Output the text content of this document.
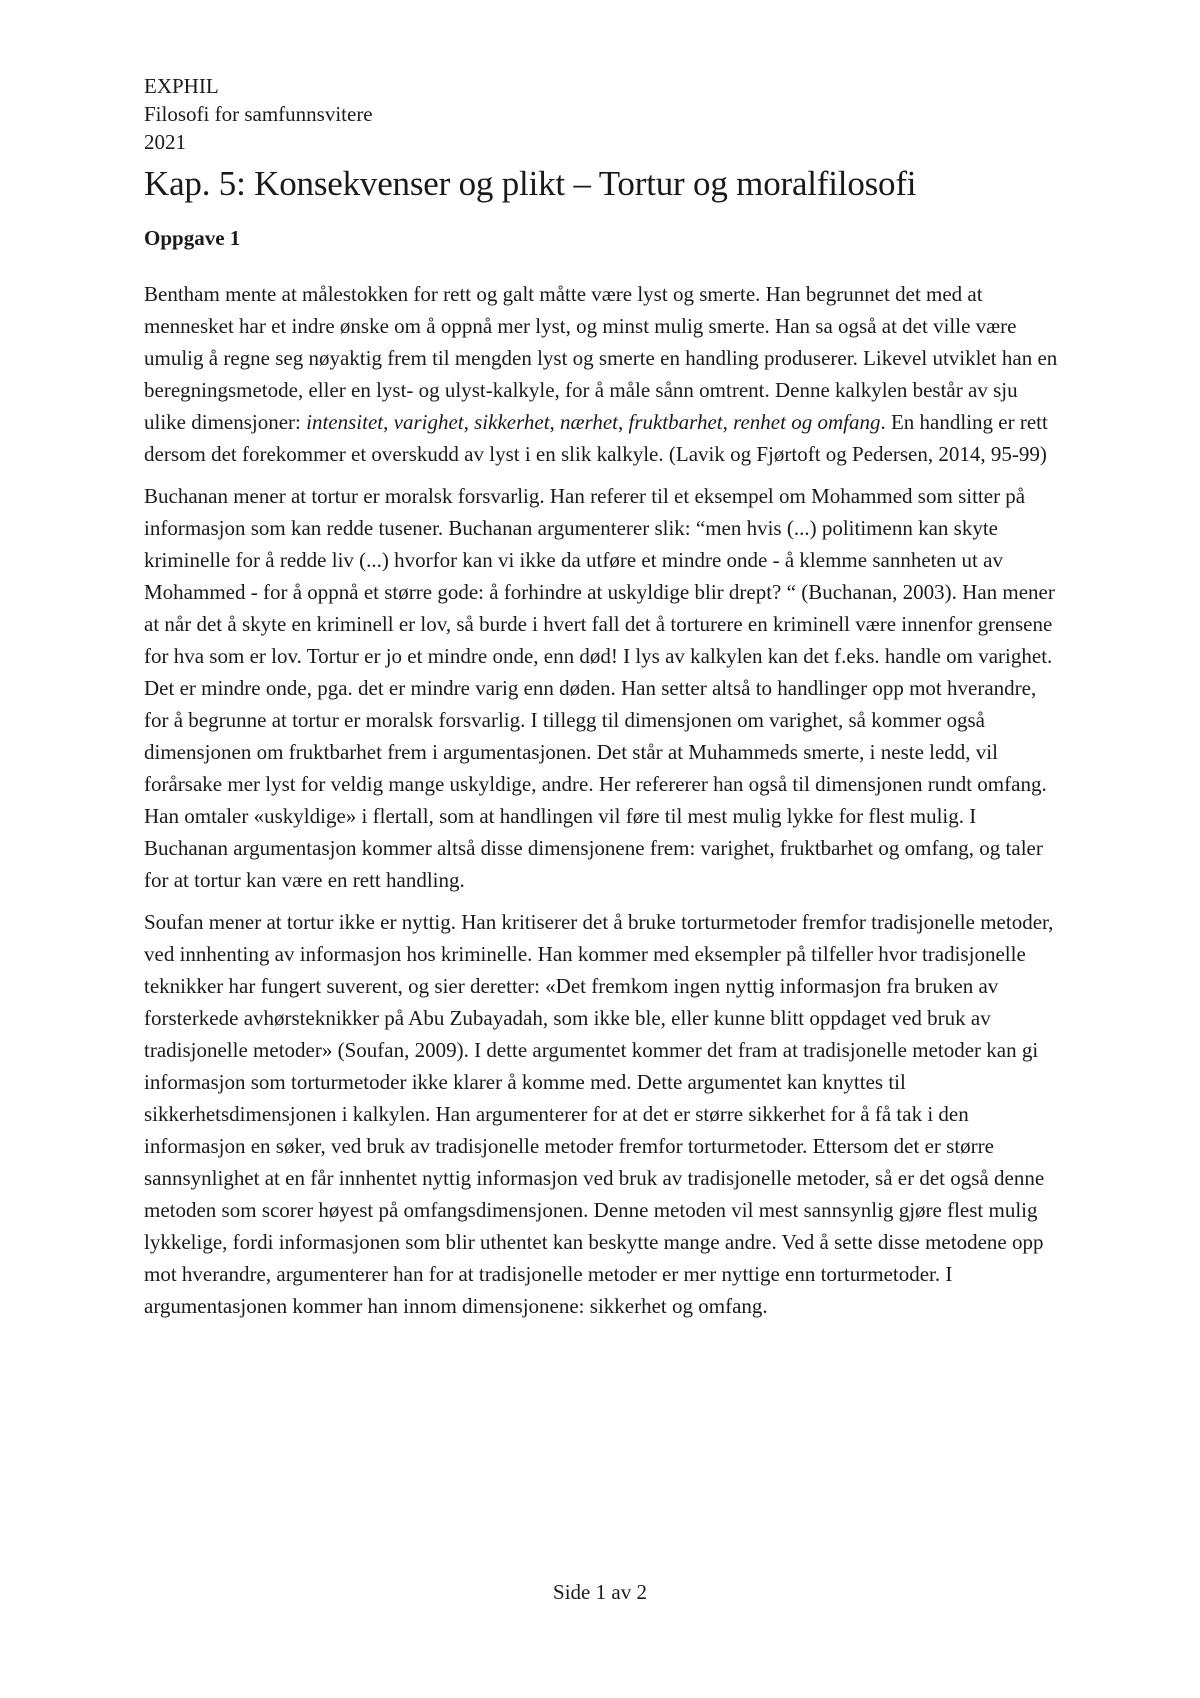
EXPHIL

Filosofi for samfunnsvitere

2021

Kap. 5: Konsekvenser og plikt – Tortur og moralfilosofi
Oppgave 1

Bentham mente at målestokken for rett og galt måtte være lyst og smerte. Han begrunnet det med at mennesket har et indre ønske om å oppnå mer lyst, og minst mulig smerte. Han sa også at det ville være umulig å regne seg nøyaktig frem til mengden lyst og smerte en handling produserer. Likevel utviklet han en beregningsmetode, eller en lyst- og ulyst-kalkyle, for å måle sånn omtrent. Denne kalkylen består av sju ulike dimensjoner: intensitet, varighet, sikkerhet, nærhet, fruktbarhet, renhet og omfang. En handling er rett dersom det forekommer et overskudd av lyst i en slik kalkyle. (Lavik og Fjørtoft og Pedersen, 2014, 95-99)

Buchanan mener at tortur er moralsk forsvarlig. Han referer til et eksempel om Mohammed som sitter på informasjon som kan redde tusener. Buchanan argumenterer slik: “men hvis (...) politimenn kan skyte kriminelle for å redde liv (...) hvorfor kan vi ikke da utføre et mindre onde - å klemme sannheten ut av Mohammed - for å oppnå et større gode: å forhindre at uskyldige blir drept? “ (Buchanan, 2003). Han mener at når det å skyte en kriminell er lov, så burde i hvert fall det å torturere en kriminell være innenfor grensene for hva som er lov. Tortur er jo et mindre onde, enn død! I lys av kalkylen kan det f.eks. handle om varighet. Det er mindre onde, pga. det er mindre varig enn døden. Han setter altså to handlinger opp mot hverandre, for å begrunne at tortur er moralsk forsvarlig. I tillegg til dimensjonen om varighet, så kommer også dimensjonen om fruktbarhet frem i argumentasjonen. Det står at Muhammeds smerte, i neste ledd, vil forårsake mer lyst for veldig mange uskyldige, andre. Her refererer han også til dimensjonen rundt omfang. Han omtaler «uskyldige» i flertall, som at handlingen vil føre til mest mulig lykke for flest mulig. I Buchanan argumentasjon kommer altså disse dimensjonene frem: varighet, fruktbarhet og omfang, og taler for at tortur kan være en rett handling.

Soufan mener at tortur ikke er nyttig. Han kritiserer det å bruke torturmetoder fremfor tradisjonelle metoder, ved innhenting av informasjon hos kriminelle. Han kommer med eksempler på tilfeller hvor tradisjonelle teknikker har fungert suverent, og sier deretter: «Det fremkom ingen nyttig informasjon fra bruken av forsterkede avhørsteknikker på Abu Zubayadah, som ikke ble, eller kunne blitt oppdaget ved bruk av tradisjonelle metoder» (Soufan, 2009). I dette argumentet kommer det fram at tradisjonelle metoder kan gi informasjon som torturmetoder ikke klarer å komme med. Dette argumentet kan knyttes til sikkerhetsdimensjonen i kalkylen. Han argumenterer for at det er større sikkerhet for å få tak i den informasjon en søker, ved bruk av tradisjonelle metoder fremfor torturmetoder. Ettersom det er større sannsynlighet at en får innhentet nyttig informasjon ved bruk av tradisjonelle metoder, så er det også denne metoden som scorer høyest på omfangsdimensjonen. Denne metoden vil mest sannsynlig gjøre flest mulig lykkelige, fordi informasjonen som blir uthentet kan beskytte mange andre. Ved å sette disse metodene opp mot hverandre, argumenterer han for at tradisjonelle metoder er mer nyttige enn torturmetoder. I argumentasjonen kommer han innom dimensjonene: sikkerhet og omfang.

Side 1 av 2
